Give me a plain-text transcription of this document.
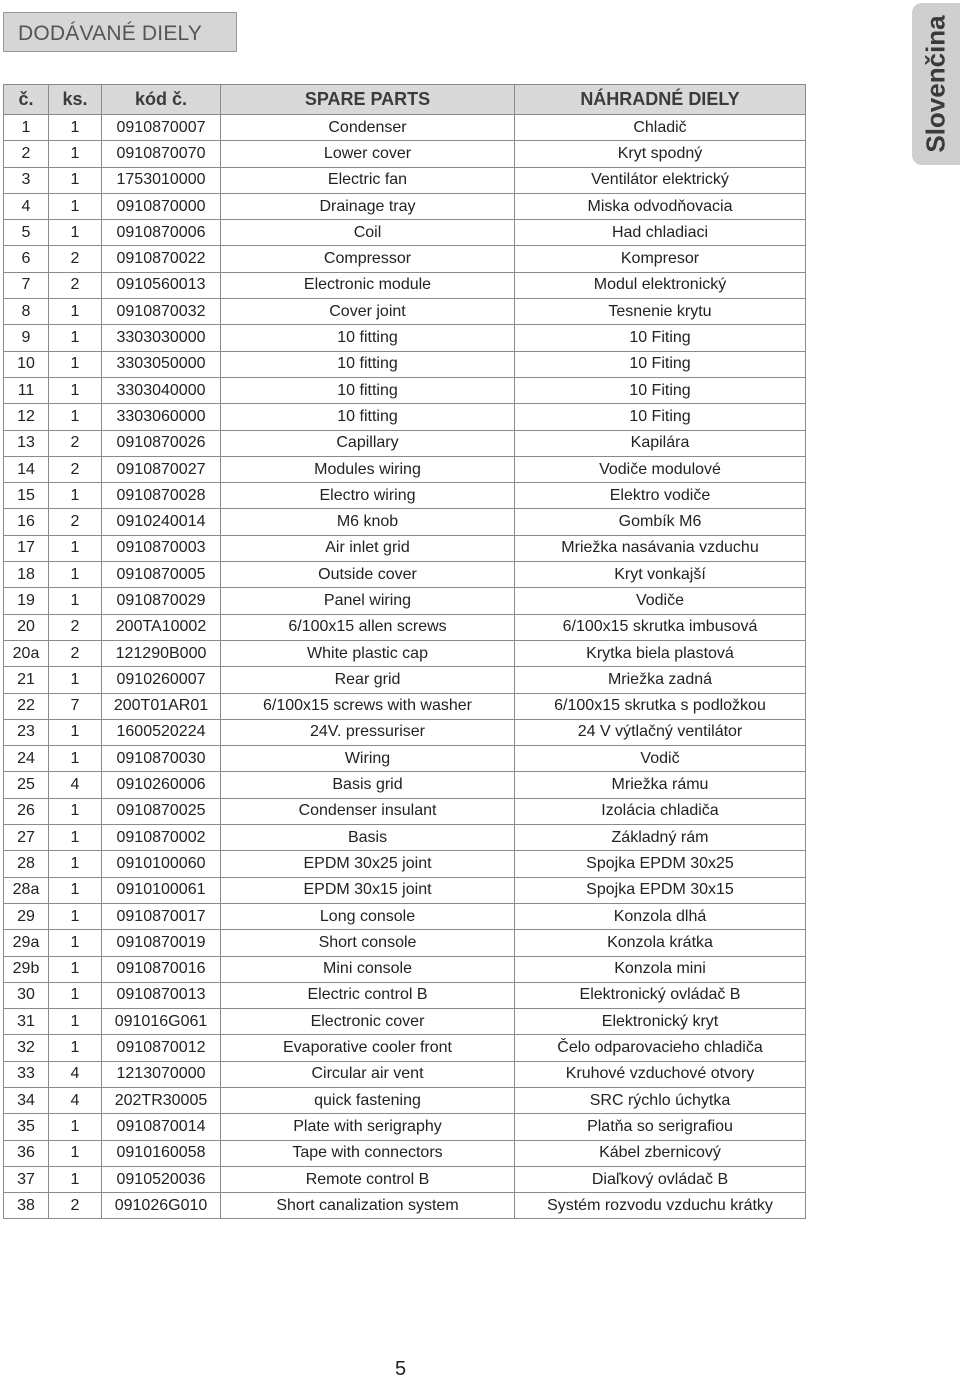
DODÁVANÉ DIELY	Slovenčina
č.	ks.	kód č.	SPARE PARTS	NÁHRADNÉ DIELY
1	1	0910870007	Condenser	Chladič
2	1	0910870070	Lower cover	Kryt spodný
3	1	1753010000	Electric fan	Ventilátor elektrický
4	1	0910870000	Drainage tray	Miska odvodňovacia
5	1	0910870006	Coil	Had chladiaci
6	2	0910870022	Compressor	Kompresor
7	2	0910560013	Electronic module	Modul elektronický
8	1	0910870032	Cover joint	Tesnenie krytu
9	1	3303030000	10 fitting	10 Fiting
10	1	3303050000	10 fitting	10 Fiting
11	1	3303040000	10 fitting	10 Fiting
12	1	3303060000	10 fitting	10 Fiting
13	2	0910870026	Capillary	Kapilára
14	2	0910870027	Modules wiring	Vodiče modulové
15	1	0910870028	Electro wiring	Elektro vodiče
16	2	0910240014	M6 knob	Gombík M6
17	1	0910870003	Air inlet grid	Mriežka nasávania vzduchu
18	1	0910870005	Outside cover	Kryt vonkajší
19	1	0910870029	Panel wiring	Vodiče
20	2	200TA10002	6/100x15 allen screws	6/100x15 skrutka imbusová
20a	2	121290B000	White plastic cap	Krytka biela plastová
21	1	0910260007	Rear grid	Mriežka zadná
22	7	200T01AR01	6/100x15 screws with washer	6/100x15 skrutka s podložkou
23	1	1600520224	24V. pressuriser	24 V výtlačný ventilátor
24	1	0910870030	Wiring	Vodič
25	4	0910260006	Basis grid	Mriežka rámu
26	1	0910870025	Condenser insulant	Izolácia chladiča
27	1	0910870002	Basis	Základný rám
28	1	0910100060	EPDM 30x25 joint	Spojka EPDM 30x25
28a	1	0910100061	EPDM 30x15 joint	Spojka EPDM 30x15
29	1	0910870017	Long console	Konzola dlhá
29a	1	0910870019	Short console	Konzola krátka
29b	1	0910870016	Mini console	Konzola mini
30	1	0910870013	Electric control B	Elektronický ovládač B
31	1	091016G061	Electronic cover	Elektronický kryt
32	1	0910870012	Evaporative cooler front	Čelo odparovacieho chladiča
33	4	1213070000	Circular air vent	Kruhové vzduchové otvory
34	4	202TR30005	quick fastening	SRC rýchlo úchytka
35	1	0910870014	Plate with serigraphy	Platňa so serigrafiou
36	1	0910160058	Tape with connectors	Kábel zbernicový
37	1	0910520036	Remote control B	Diaľkový ovládač B
38	2	091026G010	Short canalization system	Systém rozvodu vzduchu krátky
5
